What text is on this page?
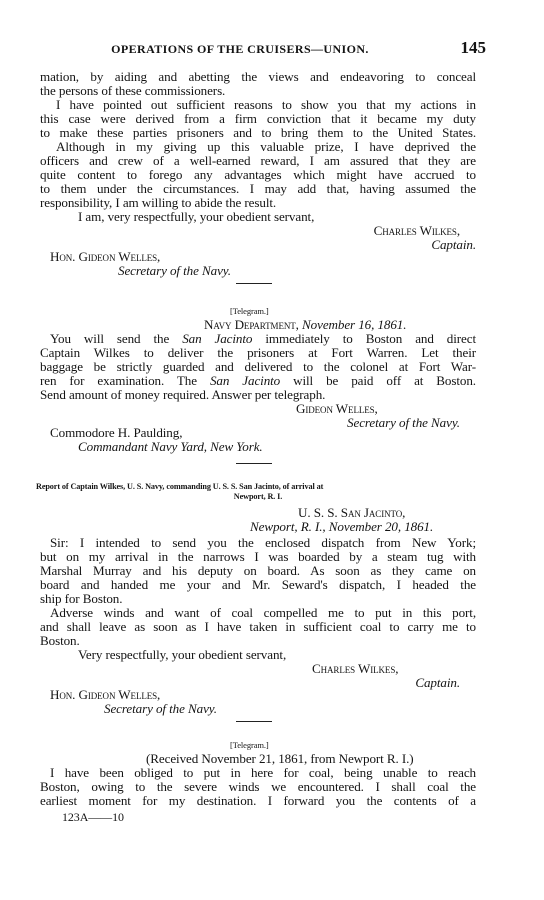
OPERATIONS OF THE CRUISERS—UNION.	145
mation, by aiding and abetting the views and endeavoring to conceal
the persons of these commissioners.
I have pointed out sufficient reasons to show you that my actions in
this case were derived from a firm conviction that it became my duty
to make these parties prisoners and to bring them to the United States.
Although in my giving up this valuable prize, I have deprived the
officers and crew of a well-earned reward, I am assured that they are
quite content to forego any advantages which might have accrued to
to them under the circumstances. I may add that, having assumed the
responsibility, I am willing to abide the result.
I am, very respectfully, your obedient servant,
Charles Wilkes,
Captain.
Hon. Gideon Welles,
Secretary of the Navy.
[Telegram.]
Navy Department, November 16, 1861.
You will send the San Jacinto immediately to Boston and direct
Captain Wilkes to deliver the prisoners at Fort Warren. Let their
baggage be strictly guarded and delivered to the colonel at Fort War-
ren for examination. The San Jacinto will be paid off at Boston.
Send amount of money required. Answer per telegraph.
Gideon Welles,
Secretary of the Navy.
Commodore H. Paulding,
Commandant Navy Yard, New York.
Report of Captain Wilkes, U. S. Navy, commanding U. S. S. San Jacinto, of arrival at
Newport, R. I.
U. S. S. San Jacinto,
Newport, R. I., November 20, 1861.
Sir: I intended to send you the enclosed dispatch from New York;
but on my arrival in the narrows I was boarded by a steam tug with
Marshal Murray and his deputy on board. As soon as they came on
board and handed me your and Mr. Seward's dispatch, I headed the
ship for Boston.
Adverse winds and want of coal compelled me to put in this port,
and shall leave as soon as I have taken in sufficient coal to carry me to
Boston.
Very respectfully, your obedient servant,
Charles Wilkes,
Captain.
Hon. Gideon Welles,
Secretary of the Navy.
[Telegram.]
(Received November 21, 1861, from Newport R. I.)
I have been obliged to put in here for coal, being unable to reach
Boston, owing to the severe winds we encountered. I shall coal the
earliest moment for my destination. I forward you the contents of a
123A——10
